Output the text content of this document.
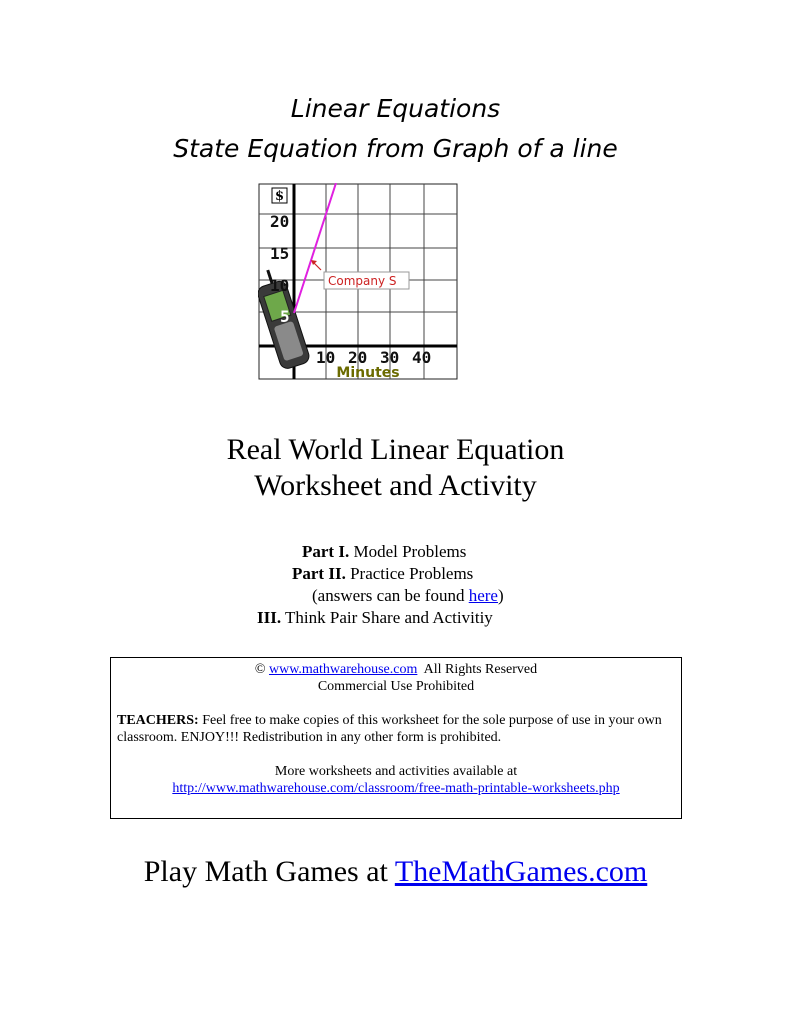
Linear Equations
State Equation from Graph of a line
$
20
15
10
5
10 20 30 40
Minutes
Company S
Real World Linear Equation
Worksheet and Activity
Part I. Model Problems
Part II. Practice Problems
(answers can be found here)
III. Think Pair Share and Activitiy
© www.mathwarehouse.com  All Rights Reserved
Commercial Use Prohibited
TEACHERS: Feel free to make copies of this worksheet for the sole purpose of use in your own classroom. ENJOY!!! Redistribution in any other form is prohibited.
More worksheets and activities available at
http://www.mathwarehouse.com/classroom/free-math-printable-worksheets.php
Play Math Games at TheMathGames.com
